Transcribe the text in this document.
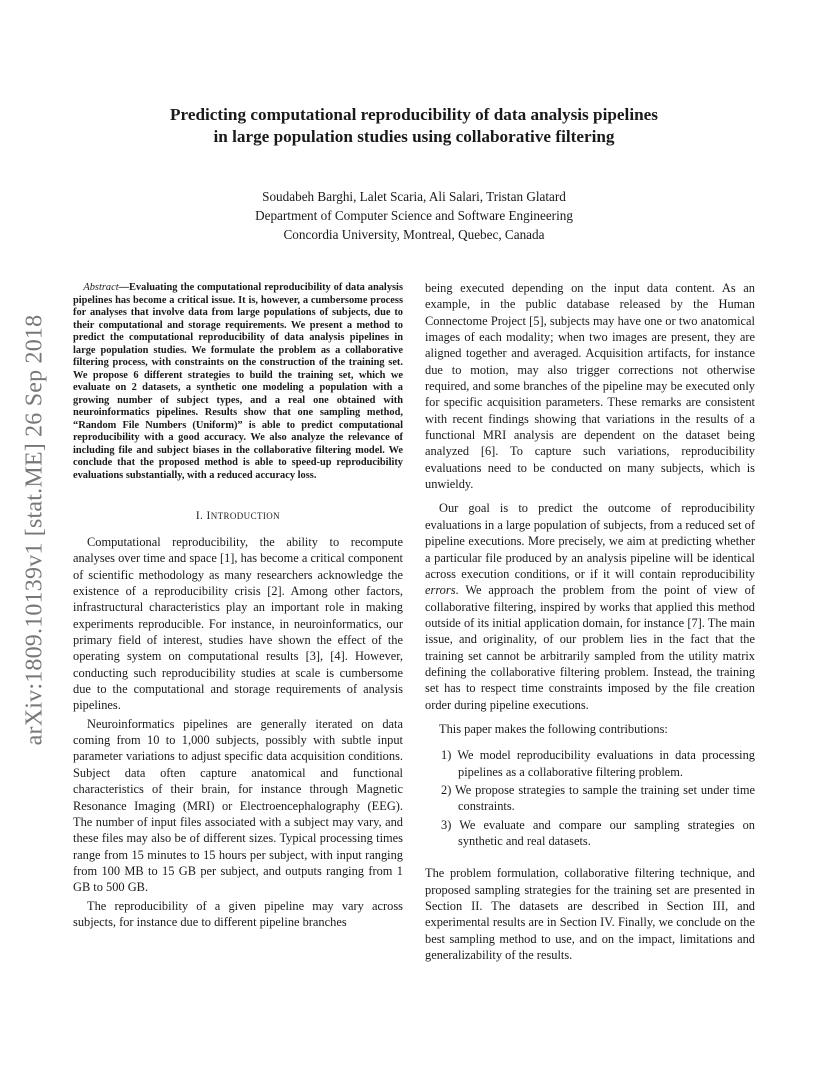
arXiv:1809.10139v1 [stat.ME] 26 Sep 2018
Predicting computational reproducibility of data analysis pipelines
in large population studies using collaborative filtering
Soudabeh Barghi, Lalet Scaria, Ali Salari, Tristan Glatard
Department of Computer Science and Software Engineering
Concordia University, Montreal, Quebec, Canada

Abstract—Evaluating the computational reproducibility of data analysis pipelines has become a critical issue. It is, however, a cumbersome process for analyses that involve data from large populations of subjects, due to their computational and storage requirements. We present a method to predict the computational reproducibility of data analysis pipelines in large population studies. We formulate the problem as a collaborative filtering process, with constraints on the construction of the training set. We propose 6 different strategies to build the training set, which we evaluate on 2 datasets, a synthetic one modeling a population with a growing number of subject types, and a real one obtained with neuroinformatics pipelines. Results show that one sampling method, “Random File Numbers (Uniform)” is able to predict computational reproducibility with a good accuracy. We also analyze the relevance of including file and subject biases in the collaborative filtering model. We conclude that the proposed method is able to speed-up reproducibility evaluations substantially, with a reduced accuracy loss.

I. INTRODUCTION

Computational reproducibility, the ability to recompute analyses over time and space [1], has become a critical component of scientific methodology as many researchers acknowledge the existence of a reproducibility crisis [2]. Among other factors, infrastructural characteristics play an important role in making experiments reproducible. For instance, in neuroinformatics, our primary field of interest, studies have shown the effect of the operating system on computational results [3], [4]. However, conducting such reproducibility studies at scale is cumbersome due to the computational and storage requirements of analysis pipelines.

Neuroinformatics pipelines are generally iterated on data coming from 10 to 1,000 subjects, possibly with subtle input parameter variations to adjust specific data acquisition conditions. Subject data often capture anatomical and functional characteristics of their brain, for instance through Magnetic Resonance Imaging (MRI) or Electroencephalography (EEG). The number of input files associated with a subject may vary, and these files may also be of different sizes. Typical processing times range from 15 minutes to 15 hours per subject, with input ranging from 100 MB to 15 GB per subject, and outputs ranging from 1 GB to 500 GB.

The reproducibility of a given pipeline may vary across subjects, for instance due to different pipeline branches

being executed depending on the input data content. As an example, in the public database released by the Human Connectome Project [5], subjects may have one or two anatomical images of each modality; when two images are present, they are aligned together and averaged. Acquisition artifacts, for instance due to motion, may also trigger corrections not otherwise required, and some branches of the pipeline may be executed only for specific acquisition parameters. These remarks are consistent with recent findings showing that variations in the results of a functional MRI analysis are dependent on the dataset being analyzed [6]. To capture such variations, reproducibility evaluations need to be conducted on many subjects, which is unwieldy.

Our goal is to predict the outcome of reproducibility evaluations in a large population of subjects, from a reduced set of pipeline executions. More precisely, we aim at predicting whether a particular file produced by an analysis pipeline will be identical across execution conditions, or if it will contain reproducibility errors. We approach the problem from the point of view of collaborative filtering, inspired by works that applied this method outside of its initial application domain, for instance [7]. The main issue, and originality, of our problem lies in the fact that the training set cannot be arbitrarily sampled from the utility matrix defining the collaborative filtering problem. Instead, the training set has to respect time constraints imposed by the file creation order during pipeline executions.

This paper makes the following contributions:

1) We model reproducibility evaluations in data processing pipelines as a collaborative filtering problem.
2) We propose strategies to sample the training set under time constraints.
3) We evaluate and compare our sampling strategies on synthetic and real datasets.

The problem formulation, collaborative filtering technique, and proposed sampling strategies for the training set are presented in Section II. The datasets are described in Section III, and experimental results are in Section IV. Finally, we conclude on the best sampling method to use, and on the impact, limitations and generalizability of the results.
